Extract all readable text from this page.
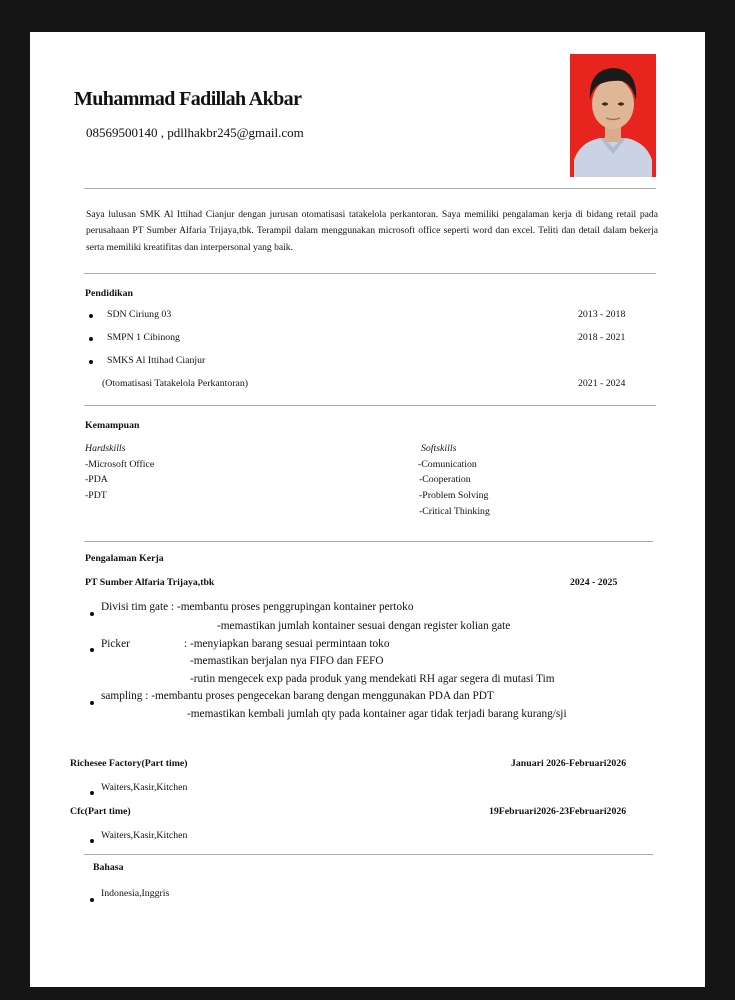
Muhammad Fadillah Akbar
08569500140 , pdllhakbr245@gmail.com
Saya lulusan SMK Al Ittihad Cianjur dengan jurusan otomatisasi tatakelola perkantoran. Saya memiliki pengalaman kerja di bidang retail pada perusahaan PT Sumber Alfaria Trijaya,tbk. Terampil dalam menggunakan microsoft office seperti word dan excel. Teliti dan detail dalam bekerja serta memiliki kreatifitas dan interpersonal yang baik.
Pendidikan
SDN Ciriung 03	2013 - 2018
SMPN 1 Cibinong	2018 - 2021
SMKS Al Ittihad Cianjur
(Otomatisasi Tatakelola Perkantoran)	2021 - 2024
Kemampuan
Hardskills
-Microsoft Office
-PDA
-PDT
Softskills
-Comunication
-Cooperation
-Problem Solving
-Critical Thinking
Pengalaman Kerja
PT Sumber Alfaria Trijaya,tbk	2024 - 2025
Divisi tim gate : -membantu proses penggrupingan kontainer pertoko
-memastikan jumlah kontainer sesuai dengan register kolian gate
Picker	: -menyiapkan barang sesuai permintaan toko
-memastikan berjalan nya FIFO dan FEFO
-rutin mengecek exp pada produk yang mendekati RH agar segera di mutasi Tim
sampling : -membantu proses pengecekan barang dengan menggunakan PDA dan PDT
-memastikan kembali jumlah qty pada kontainer agar tidak terjadi barang kurang/sji
Richesee Factory(Part time)	Januari 2026-Februari2026
Waiters,Kasir,Kitchen
Cfc(Part time)	19Februari2026-23Februari2026
Waiters,Kasir,Kitchen
Bahasa
Indonesia,Inggris
